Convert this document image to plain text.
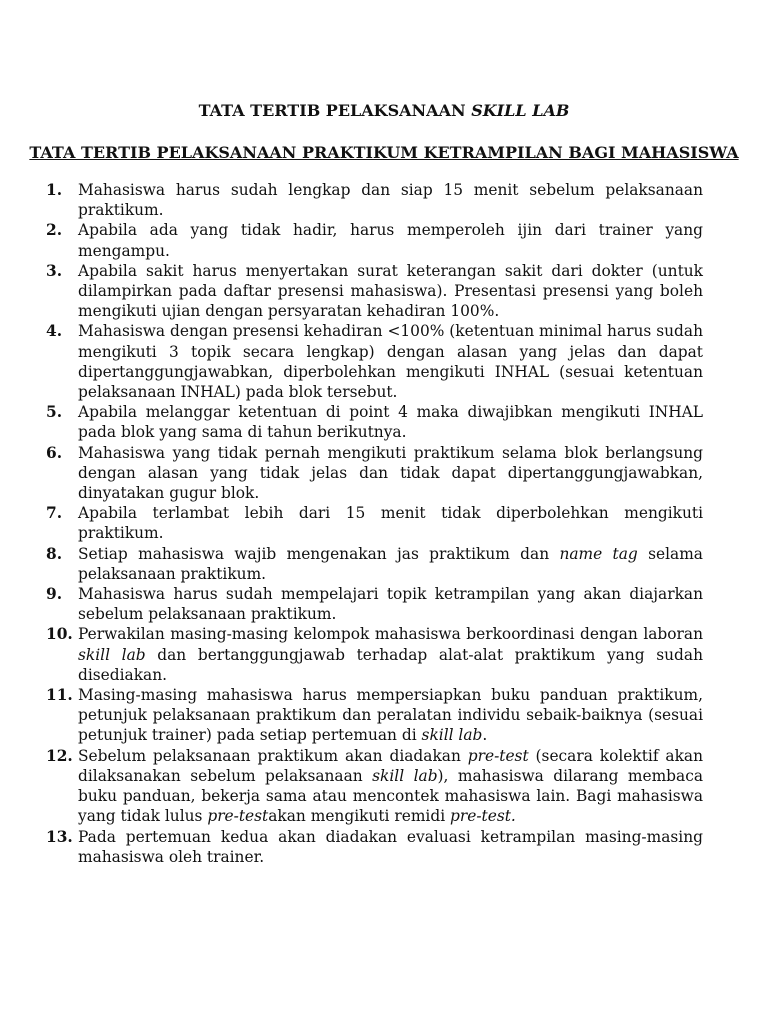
TATA TERTIB PELAKSANAAN SKILL LAB
TATA TERTIB PELAKSANAAN PRAKTIKUM KETRAMPILAN BAGI MAHASISWA
1.	Mahasiswa harus sudah lengkap dan siap 15 menit sebelum pelaksanaan praktikum.
2.	Apabila ada yang tidak hadir, harus memperoleh ijin dari trainer yang mengampu.
3.	Apabila sakit harus menyertakan surat keterangan sakit dari dokter (untuk dilampirkan pada daftar presensi mahasiswa). Presentasi presensi yang boleh mengikuti ujian dengan persyaratan kehadiran 100%.
4.	Mahasiswa dengan presensi kehadiran <100% (ketentuan minimal harus sudah mengikuti 3 topik secara lengkap) dengan alasan yang jelas dan dapat dipertanggungjawabkan, diperbolehkan mengikuti INHAL (sesuai ketentuan pelaksanaan INHAL) pada blok tersebut.
5.	Apabila melanggar ketentuan di point 4 maka diwajibkan mengikuti INHAL pada blok yang sama di tahun berikutnya.
6.	Mahasiswa yang tidak pernah mengikuti praktikum selama blok berlangsung dengan alasan yang tidak jelas dan tidak dapat dipertanggungjawabkan, dinyatakan gugur blok.
7.	Apabila terlambat lebih dari 15 menit tidak diperbolehkan mengikuti praktikum.
8.	Setiap mahasiswa wajib mengenakan jas praktikum dan name tag selama pelaksanaan praktikum.
9.	Mahasiswa harus sudah mempelajari topik ketrampilan yang akan diajarkan sebelum pelaksanaan praktikum.
10. Perwakilan masing-masing kelompok mahasiswa berkoordinasi dengan laboran skill lab dan bertanggungjawab terhadap alat-alat praktikum yang sudah disediakan.
11. Masing-masing mahasiswa harus mempersiapkan buku panduan praktikum, petunjuk pelaksanaan praktikum dan peralatan individu sebaik-baiknya (sesuai petunjuk trainer) pada setiap pertemuan di skill lab.
12. Sebelum pelaksanaan praktikum akan diadakan pre-test (secara kolektif akan dilaksanakan sebelum pelaksanaan skill lab), mahasiswa dilarang membaca buku panduan, bekerja sama atau mencontek mahasiswa lain. Bagi mahasiswa yang tidak lulus pre-testakan mengikuti remidi pre-test.
13. Pada pertemuan kedua akan diadakan evaluasi ketrampilan masing-masing mahasiswa oleh trainer.
